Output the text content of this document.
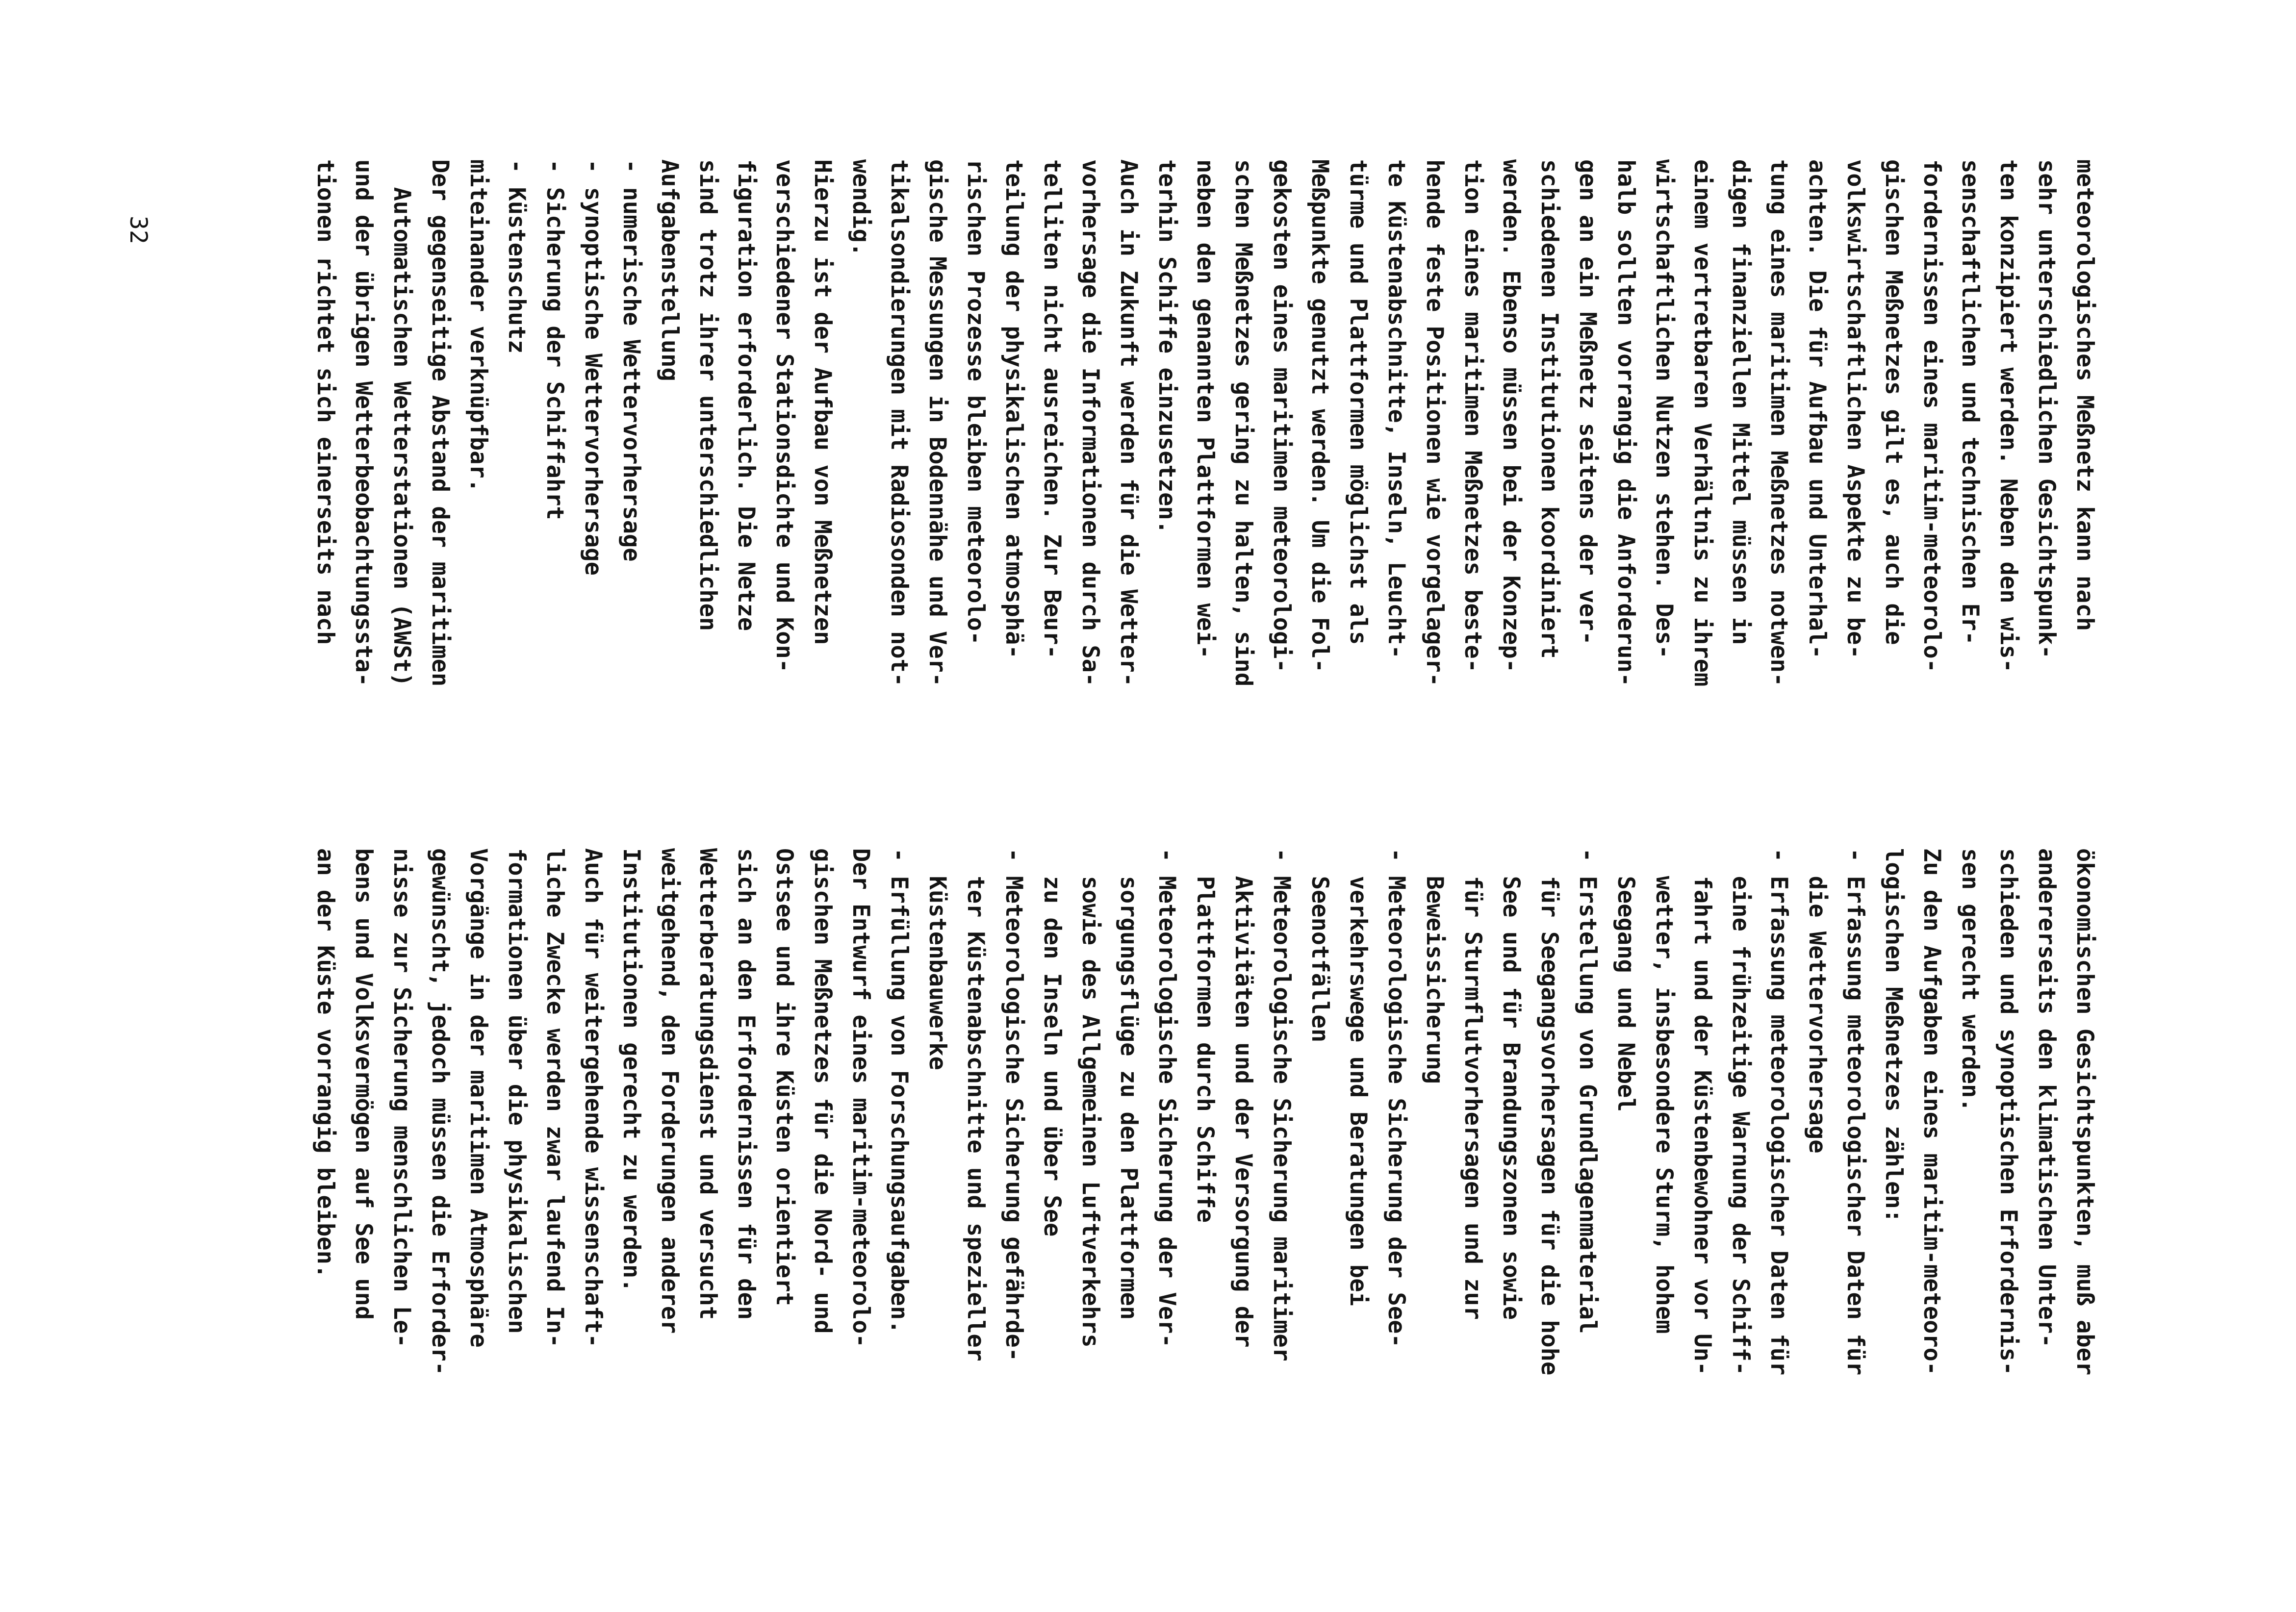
meteorologisches Meßnetz kann nach
sehr unterschiedlichen Gesichtspunk-
ten konzipiert werden. Neben den wis-
senschaftlichen und technischen Er-
fordernissen eines maritim-meteorolo-
gischen Meßnetzes gilt es, auch die
volkswirtschaftlichen Aspekte zu be-
achten. Die für Aufbau und Unterhal-
tung eines maritimen Meßnetzes notwen-
digen finanziellen Mittel müssen in
einem vertretbaren Verhältnis zu ihrem
wirtschaftlichen Nutzen stehen. Des-
halb sollten vorrangig die Anforderun-
gen an ein Meßnetz seitens der ver-
schiedenen Institutionen koordiniert
werden. Ebenso müssen bei der Konzep-
tion eines maritimen Meßnetzes beste-
hende feste Positionen wie vorgelager-
te Küstenabschnitte, Inseln, Leucht-
türme und Plattformen möglichst als
Meßpunkte genutzt werden. Um die Fol-
gekosten eines maritimen meteorologi-
schen Meßnetzes gering zu halten, sind
neben den genannten Plattformen wei-
terhin Schiffe einzusetzen.
Auch in Zukunft werden für die Wetter-
vorhersage die Informationen durch Sa-
telliten nicht ausreichen. Zur Beur-
teilung der physikalischen atmosphä-
rischen Prozesse bleiben meteorolo-
gische Messungen in Bodennähe und Ver-
tikalsondierungen mit Radiosonden not-
wendig.
Hierzu ist der Aufbau von Meßnetzen
verschiedener Stationsdichte und Kon-
figuration erforderlich. Die Netze
sind trotz ihrer unterschiedlichen
Aufgabenstellung
- numerische Wettervorhersage
- synoptische Wettervorhersage
- Sicherung der Schiffahrt
- Küstenschutz
miteinander verknüpfbar.
Der gegenseitige Abstand der maritimen
Automatischen Wetterstationen (AWSt)
und der übrigen Wetterbeobachtungssta-
tionen richtet sich einerseits nach
ökonomischen Gesichtspunkten, muß aber
andererseits den klimatischen Unter-
schieden und synoptischen Erfordernis-
sen gerecht werden.
Zu den Aufgaben eines maritim-meteoro-
logischen Meßnetzes zählen:
- Erfassung meteorologischer Daten für
die Wettervorhersage
- Erfassung meteorologischer Daten für
eine frühzeitige Warnung der Schiff-
fahrt und der Küstenbewohner vor Un-
wetter, insbesondere Sturm, hohem
Seegang und Nebel
- Erstellung von Grundlagenmaterial
für Seegangsvorhersagen für die hohe
See und für Brandungszonen sowie
für Sturmflutvorhersagen und zur
Beweissicherung
- Meteorologische Sicherung der See-
verkehrswege und Beratungen bei
Seenotfällen
- Meteorologische Sicherung maritimer
Aktivitäten und der Versorgung der
Plattformen durch Schiffe
- Meteorologische Sicherung der Ver-
sorgungsflüge zu den Plattformen
sowie des Allgemeinen Luftverkehrs
zu den Inseln und über See
- Meteorologische Sicherung gefährde-
ter Küstenabschnitte und spezieller
Küstenbauwerke
- Erfüllung von Forschungsaufgaben.
Der Entwurf eines maritim-meteorolo-
gischen Meßnetzes für die Nord- und
Ostsee und ihre Küsten orientiert
sich an den Erfordernissen für den
Wetterberatungsdienst und versucht
weitgehend, den Forderungen anderer
Institutionen gerecht zu werden.
Auch für weitergehende wissenschaft-
liche Zwecke werden zwar laufend In-
formationen über die physikalischen
Vorgänge in der maritimen Atmosphäre
gewünscht, jedoch müssen die Erforder-
nisse zur Sicherung menschlichen Le-
bens und Volksvermögen auf See und
an der Küste vorrangig bleiben.
32
